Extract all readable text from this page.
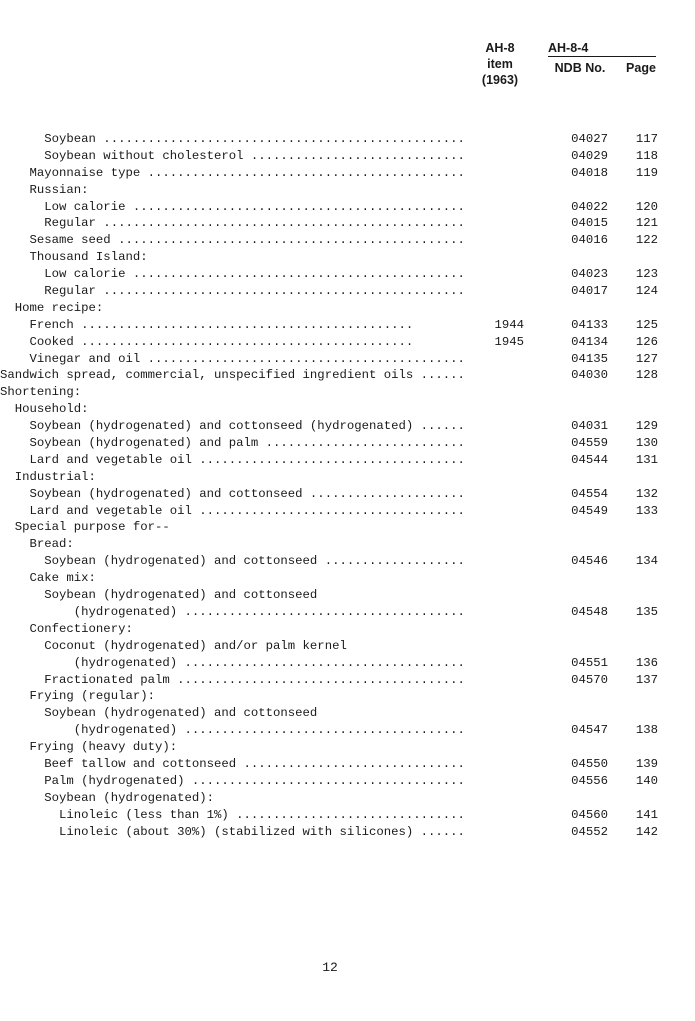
AH-8
item
(1963)
AH-8-4
NDB No.	Page
Soybean .................................................	04027	117
Soybean without cholesterol .............................	04029	118
Mayonnaise type ...........................................	04018	119
Russian:
Low calorie .............................................	04022	120
Regular .................................................	04015	121
Sesame seed ...............................................	04016	122
Thousand Island:
Low calorie .............................................	04023	123
Regular .................................................	04017	124
Home recipe:
French .............................................	1944	04133	125
Cooked .............................................	1945	04134	126
Vinegar and oil ...........................................	04135	127
Sandwich spread, commercial, unspecified ingredient oils ......	04030	128
Shortening:
Household:
Soybean (hydrogenated) and cottonseed (hydrogenated) ......	04031	129
Soybean (hydrogenated) and palm ...........................	04559	130
Lard and vegetable oil ....................................	04544	131
Industrial:
Soybean (hydrogenated) and cottonseed .....................	04554	132
Lard and vegetable oil ....................................	04549	133
Special purpose for--
Bread:
Soybean (hydrogenated) and cottonseed ...................	04546	134
Cake mix:
Soybean (hydrogenated) and cottonseed
(hydrogenated) ......................................	04548	135
Confectionery:
Coconut (hydrogenated) and/or palm kernel
(hydrogenated) ......................................	04551	136
Fractionated palm .......................................	04570	137
Frying (regular):
Soybean (hydrogenated) and cottonseed
(hydrogenated) ......................................	04547	138
Frying (heavy duty):
Beef tallow and cottonseed ..............................	04550	139
Palm (hydrogenated) .....................................	04556	140
Soybean (hydrogenated):
Linoleic (less than 1%) ...............................	04560	141
Linoleic (about 30%) (stabilized with silicones) ......	04552	142
12
